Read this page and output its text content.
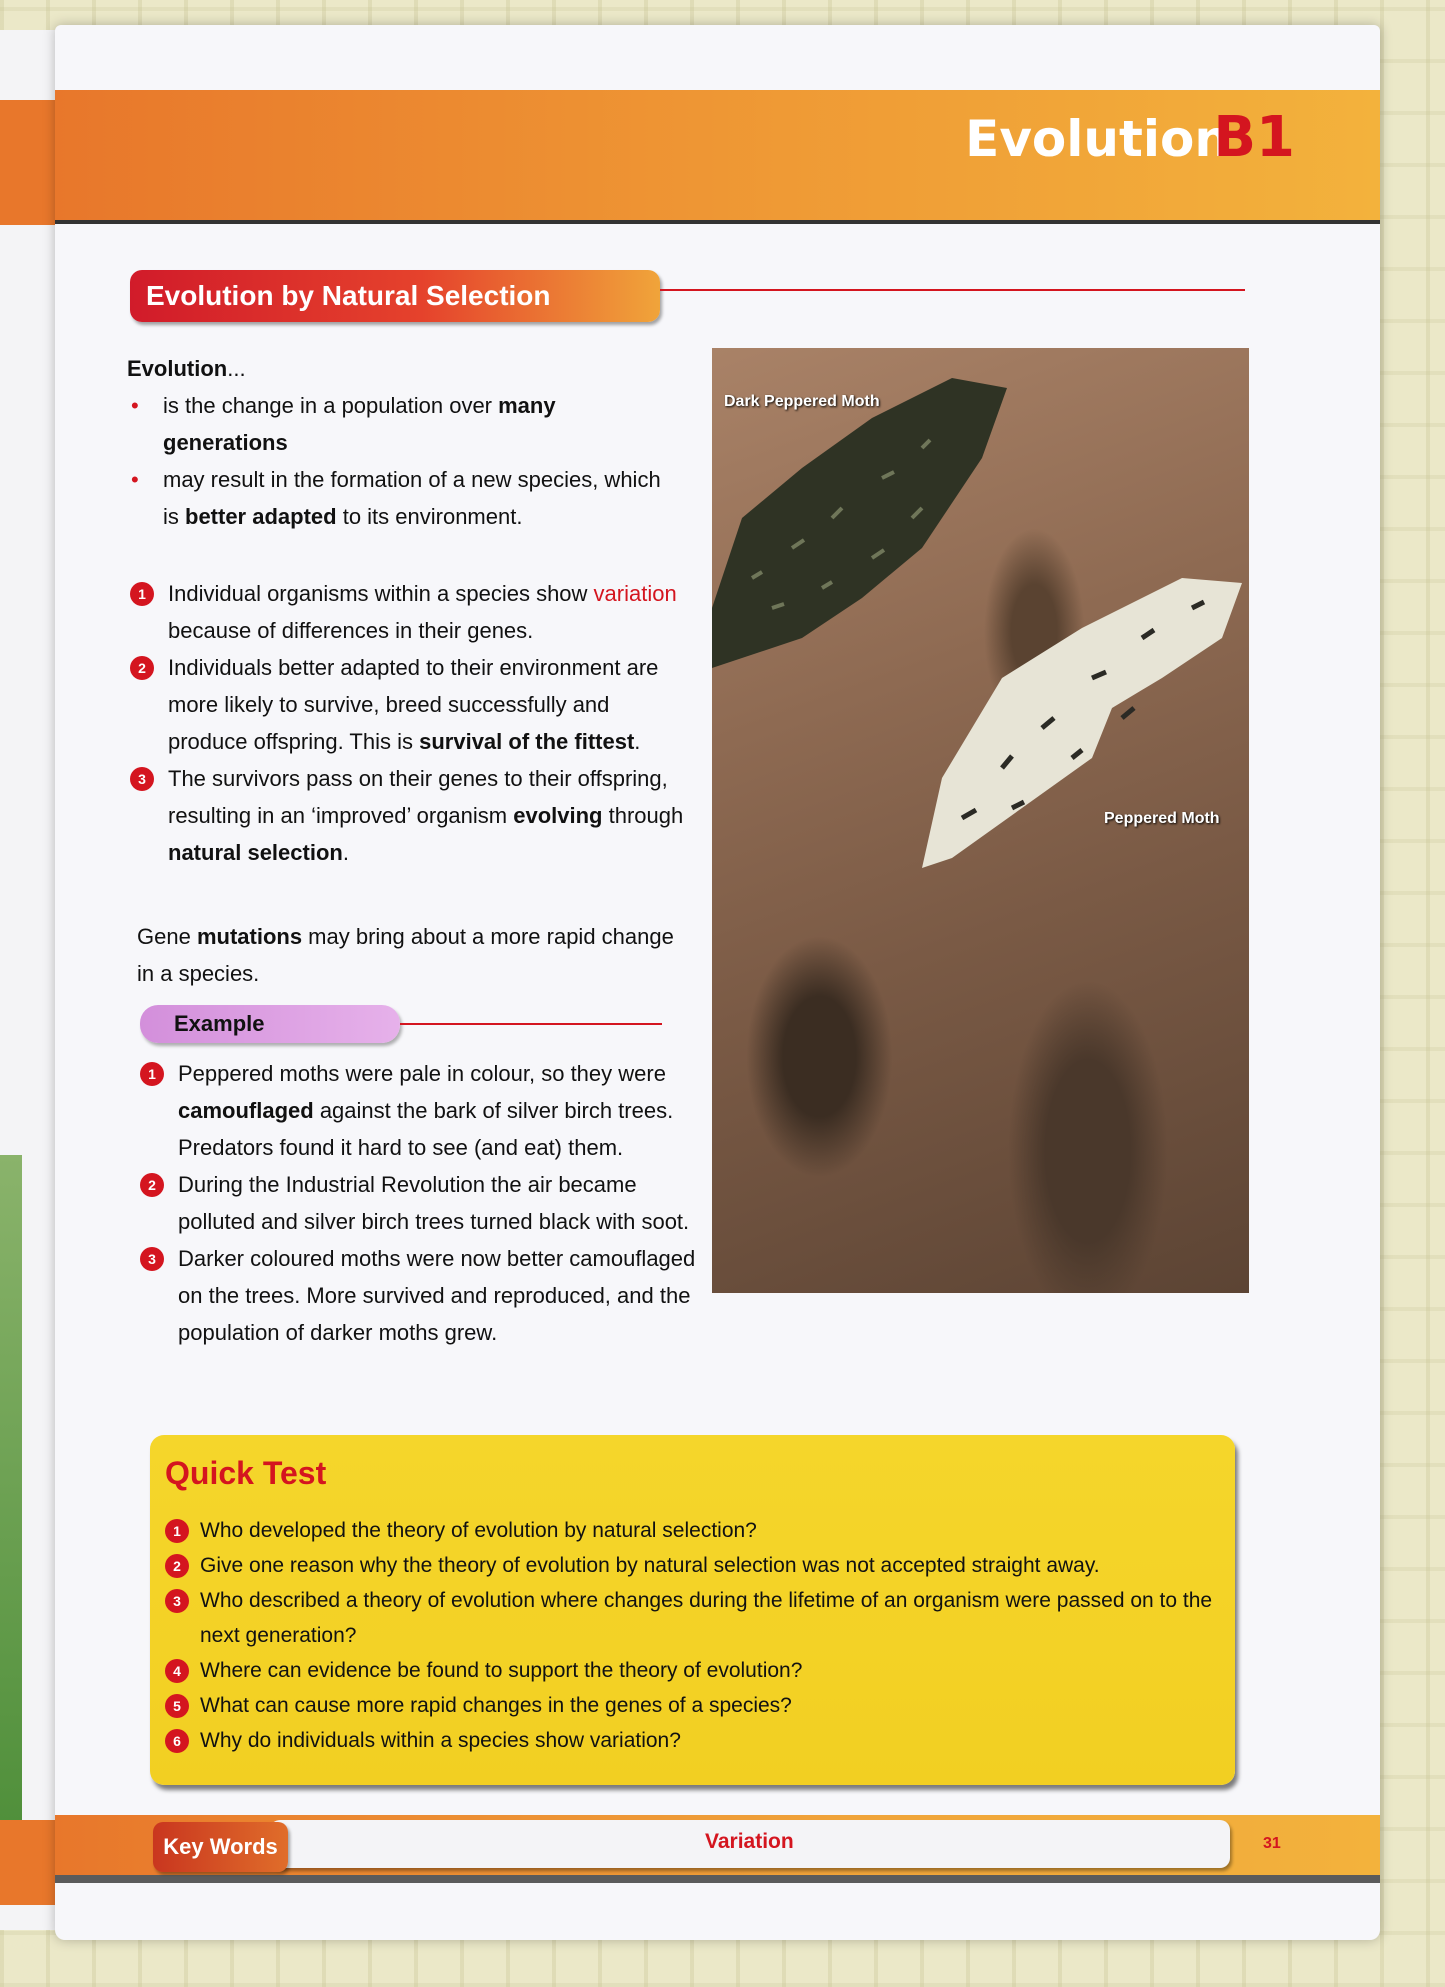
Evolution
B1
Evolution by Natural Selection
Evolution...
• is the change in a population over many generations
• may result in the formation of a new species, which is better adapted to its environment.
1	Individual organisms within a species show variation because of differences in their genes.
2	Individuals better adapted to their environment are more likely to survive, breed successfully and produce offspring. This is survival of the fittest.
3	The survivors pass on their genes to their offspring, resulting in an ‘improved’ organism evolving through natural selection.
Gene mutations may bring about a more rapid change in a species.
Example
1	Peppered moths were pale in colour, so they were camouflaged against the bark of silver birch trees. Predators found it hard to see (and eat) them.
2	During the Industrial Revolution the air became polluted and silver birch trees turned black with soot.
3	Darker coloured moths were now better camouflaged on the trees. More survived and reproduced, and the population of darker moths grew.
Dark Peppered Moth
Peppered Moth
Quick Test
1 Who developed the theory of evolution by natural selection?
2 Give one reason why the theory of evolution by natural selection was not accepted straight away.
3 Who described a theory of evolution where changes during the lifetime of an organism were passed on to the next generation?
4 Where can evidence be found to support the theory of evolution?
5 What can cause more rapid changes in the genes of a species?
6 Why do individuals within a species show variation?
Key Words	Variation	31
